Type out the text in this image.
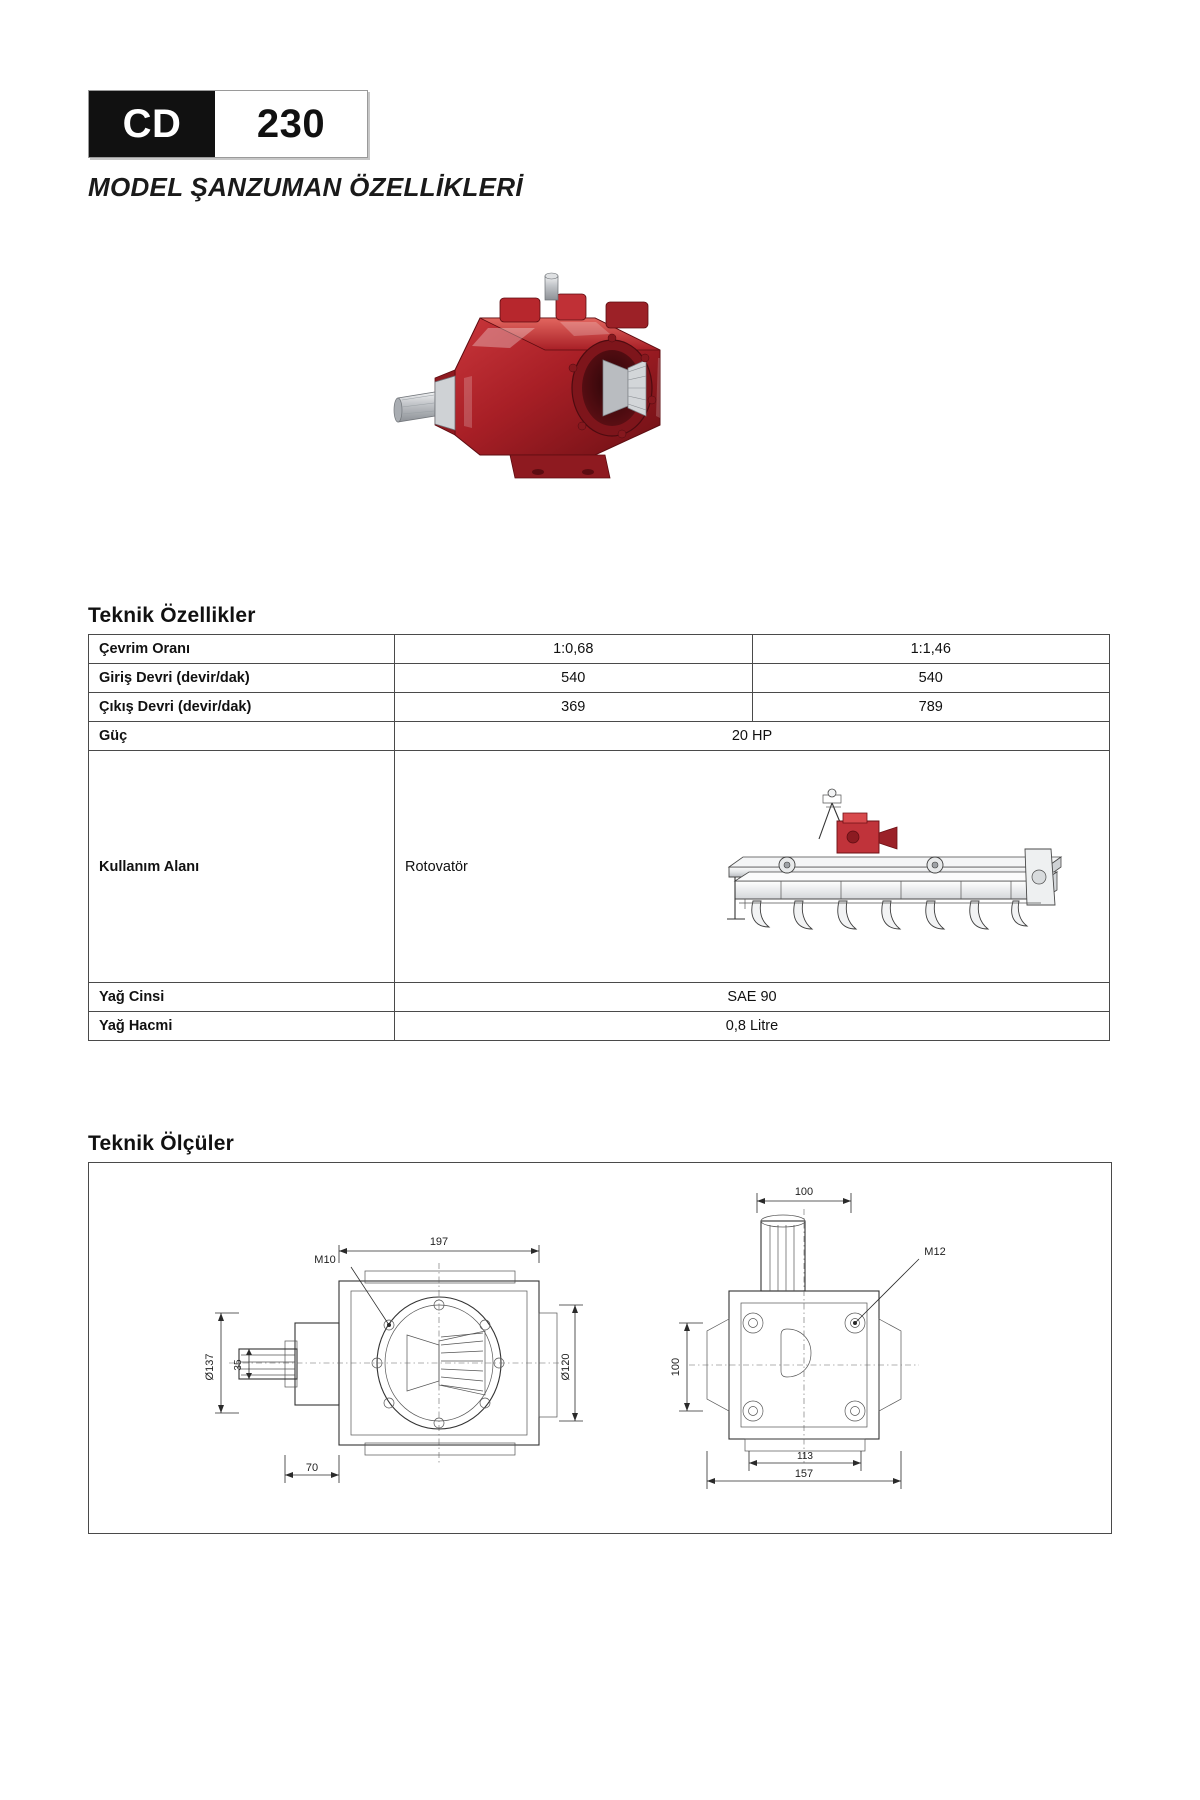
CD	230
MODEL ŞANZUMAN ÖZELLİKLERİ
Teknik Özellikler
Çevrim Oranı	1:0,68	1:1,46
Giriş Devri (devir/dak)	540	540
Çıkış Devri (devir/dak)	369	789
Güç	20 HP	
Kullanım Alanı	Rotovatör	

Yağ Cinsi	SAE 90	
Yağ Hacmi	0,8 Litre	
Teknik Ölçüler
197
M10
Ø137 35	Ø120
70
100
M12
100
113
157
